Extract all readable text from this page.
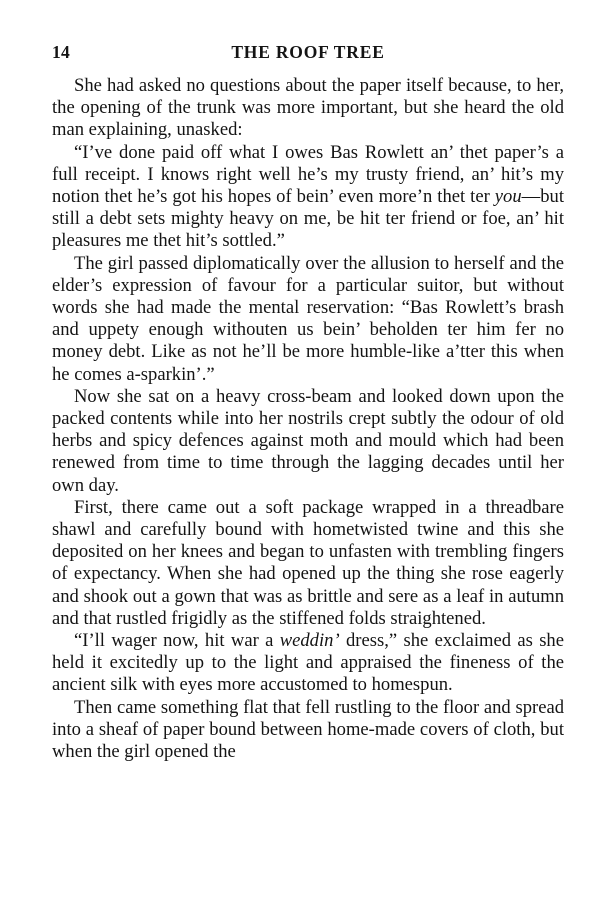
14	THE ROOF TREE

She had asked no questions about the paper itself because, to her, the opening of the trunk was more important, but she heard the old man explaining, unasked:

“I’ve done paid off what I owes Bas Rowlett an’ thet paper’s a full receipt. I knows right well he’s my trusty friend, an’ hit’s my notion thet he’s got his hopes of bein’ even more’n thet ter you—but still a debt sets mighty heavy on me, be hit ter friend or foe, an’ hit pleasures me thet hit’s sottled.”

The girl passed diplomatically over the allusion to herself and the elder’s expression of favour for a particular suitor, but without words she had made the mental reservation: “Bas Rowlett’s brash and uppety enough withouten us bein’ beholden ter him fer no money debt. Like as not he’ll be more humble-like a’tter this when he comes a-sparkin’.”

Now she sat on a heavy cross-beam and looked down upon the packed contents while into her nostrils crept subtly the odour of old herbs and spicy defences against moth and mould which had been renewed from time to time through the lagging decades until her own day.

First, there came out a soft package wrapped in a threadbare shawl and carefully bound with hometwisted twine and this she deposited on her knees and began to unfasten with trembling fingers of expectancy. When she had opened up the thing she rose eagerly and shook out a gown that was as brittle and sere as a leaf in autumn and that rustled frigidly as the stiffened folds straightened.

“I’ll wager now, hit war a weddin’ dress,” she exclaimed as she held it excitedly up to the light and appraised the fineness of the ancient silk with eyes more accustomed to homespun.

Then came something flat that fell rustling to the floor and spread into a sheaf of paper bound between home-made covers of cloth, but when the girl opened the
